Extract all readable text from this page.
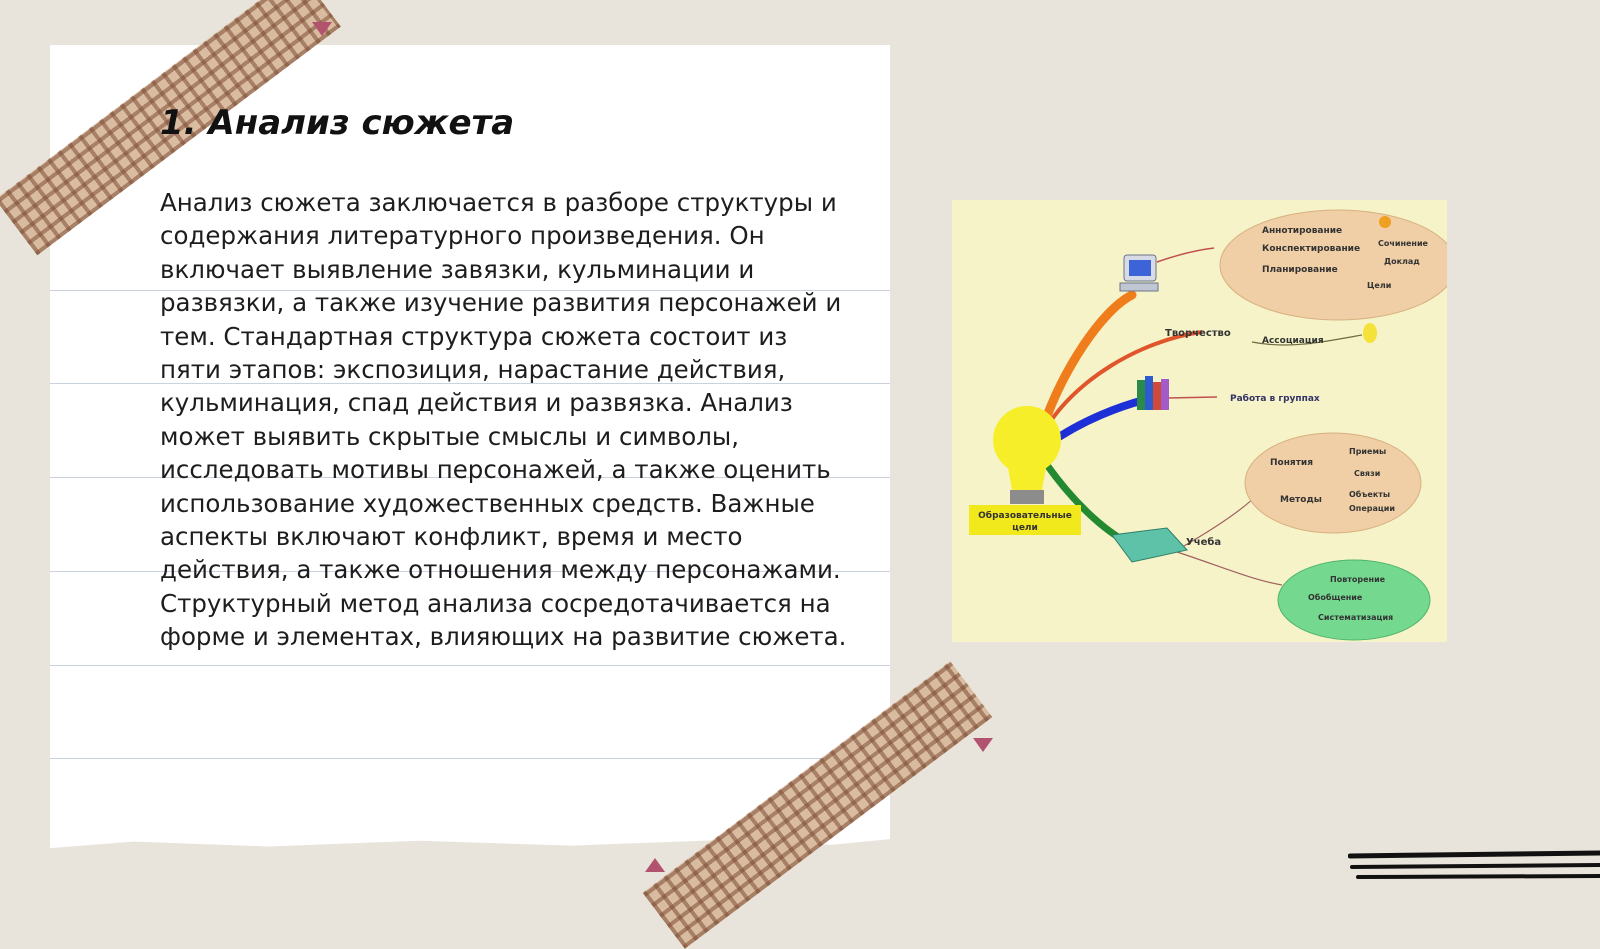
1. Анализ сюжета

Анализ сюжета заключается в разборе структуры и содержания литературного произведения. Он включает выявление завязки, кульминации и развязки, а также изучение развития персонажей и тем. Стандартная структура сюжета состоит из пяти этапов: экспозиция, нарастание действия, кульминация, спад действия и развязка. Анализ может выявить скрытые смыслы и символы, исследовать мотивы персонажей, а также оценить использование художественных средств. Важные аспекты включают конфликт, время и место действия, а также отношения между персонажами. Структурный метод анализа сосредотачивается на форме и элементах, влияющих на развитие сюжета.

Аннотирование
Конспектирование
Планирование
Сочинение
Доклад
Цели
Творчество
Ассоциация
Работа в группах
Образовательные
цели
Понятия
Методы
Приемы
Связи
Объекты
Операции
Учеба
Повторение
Обобщение
Систематизация
